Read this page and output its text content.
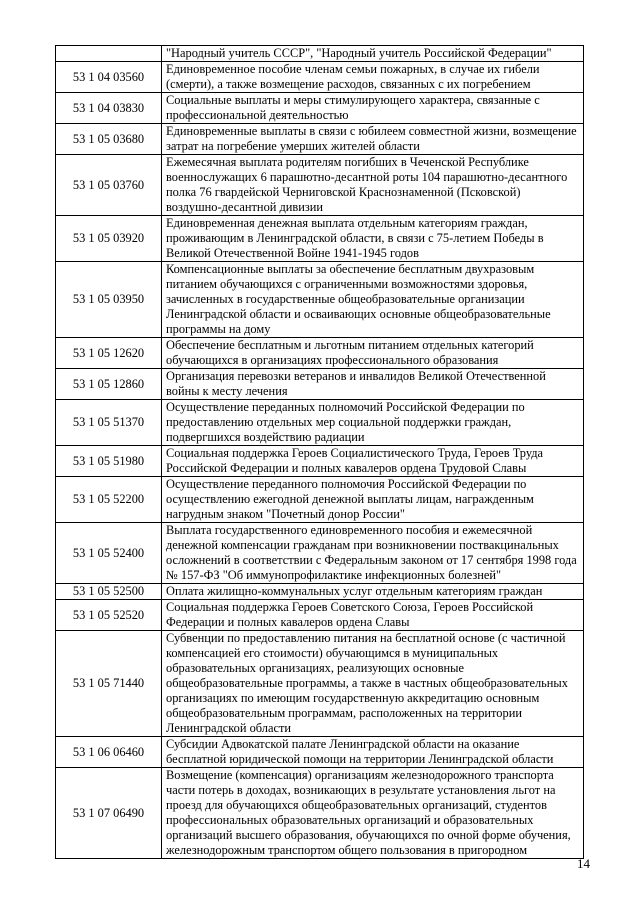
	"Народный учитель СССР", "Народный учитель Российской Федерации"
53 1 04 03560	Единовременное пособие членам семьи пожарных, в случае их гибели (смерти), а также возмещение расходов, связанных с их погребением
53 1 04 03830	Социальные выплаты и меры стимулирующего характера, связанные с профессиональной деятельностью
53 1 05 03680	Единовременные выплаты в связи с юбилеем совместной жизни, возмещение затрат на погребение умерших жителей области
53 1 05 03760	Ежемесячная выплата родителям погибших в Чеченской Республике военнослужащих 6 парашютно-десантной роты 104 парашютно-десантного полка 76 гвардейской Черниговской Краснознаменной (Псковской) воздушно-десантной дивизии
53 1 05 03920	Единовременная денежная выплата отдельным категориям граждан, проживающим в Ленинградской области, в связи с 75-летием Победы в Великой Отечественной Войне 1941-1945 годов
53 1 05 03950	Компенсационные выплаты за обеспечение бесплатным двухразовым питанием обучающихся с ограниченными возможностями здоровья, зачисленных в государственные общеобразовательные организации Ленинградской области и осваивающих основные общеобразовательные программы на дому
53 1 05 12620	Обеспечение бесплатным и льготным питанием отдельных категорий обучающихся в организациях профессионального образования
53 1 05 12860	Организация перевозки ветеранов и инвалидов Великой Отечественной войны к месту лечения
53 1 05 51370	Осуществление переданных полномочий Российской Федерации по предоставлению отдельных мер социальной поддержки граждан, подвергшихся воздействию радиации
53 1 05 51980	Социальная поддержка Героев Социалистического Труда, Героев Труда Российской Федерации и полных кавалеров ордена Трудовой Славы
53 1 05 52200	Осуществление переданного полномочия Российской Федерации по осуществлению ежегодной денежной выплаты лицам, награжденным нагрудным знаком "Почетный донор России"
53 1 05 52400	Выплата государственного единовременного пособия и ежемесячной денежной компенсации гражданам при возникновении поствакцинальных осложнений в соответствии с Федеральным законом от 17 сентября 1998 года № 157-ФЗ "Об иммунопрофилактике инфекционных болезней"
53 1 05 52500	Оплата жилищно-коммунальных услуг отдельным категориям граждан
53 1 05 52520	Социальная поддержка Героев Советского Союза, Героев Российской Федерации и полных кавалеров ордена Славы
53 1 05 71440	Субвенции по предоставлению питания на бесплатной основе (с частичной компенсацией его стоимости) обучающимся в муниципальных образовательных организациях, реализующих основные общеобразовательные программы, а также в частных общеобразовательных организациях по имеющим государственную аккредитацию основным общеобразовательным программам, расположенных на территории Ленинградской области
53 1 06 06460	Субсидии Адвокатской палате Ленинградской области на оказание бесплатной юридической помощи на территории Ленинградской области
53 1 07 06490	Возмещение (компенсация) организациям железнодорожного транспорта части потерь в доходах, возникающих в результате установления льгот на проезд для обучающихся общеобразовательных организаций, студентов профессиональных образовательных организаций и образовательных организаций высшего образования, обучающихся по очной форме обучения, железнодорожным транспортом общего пользования в пригородном
14
